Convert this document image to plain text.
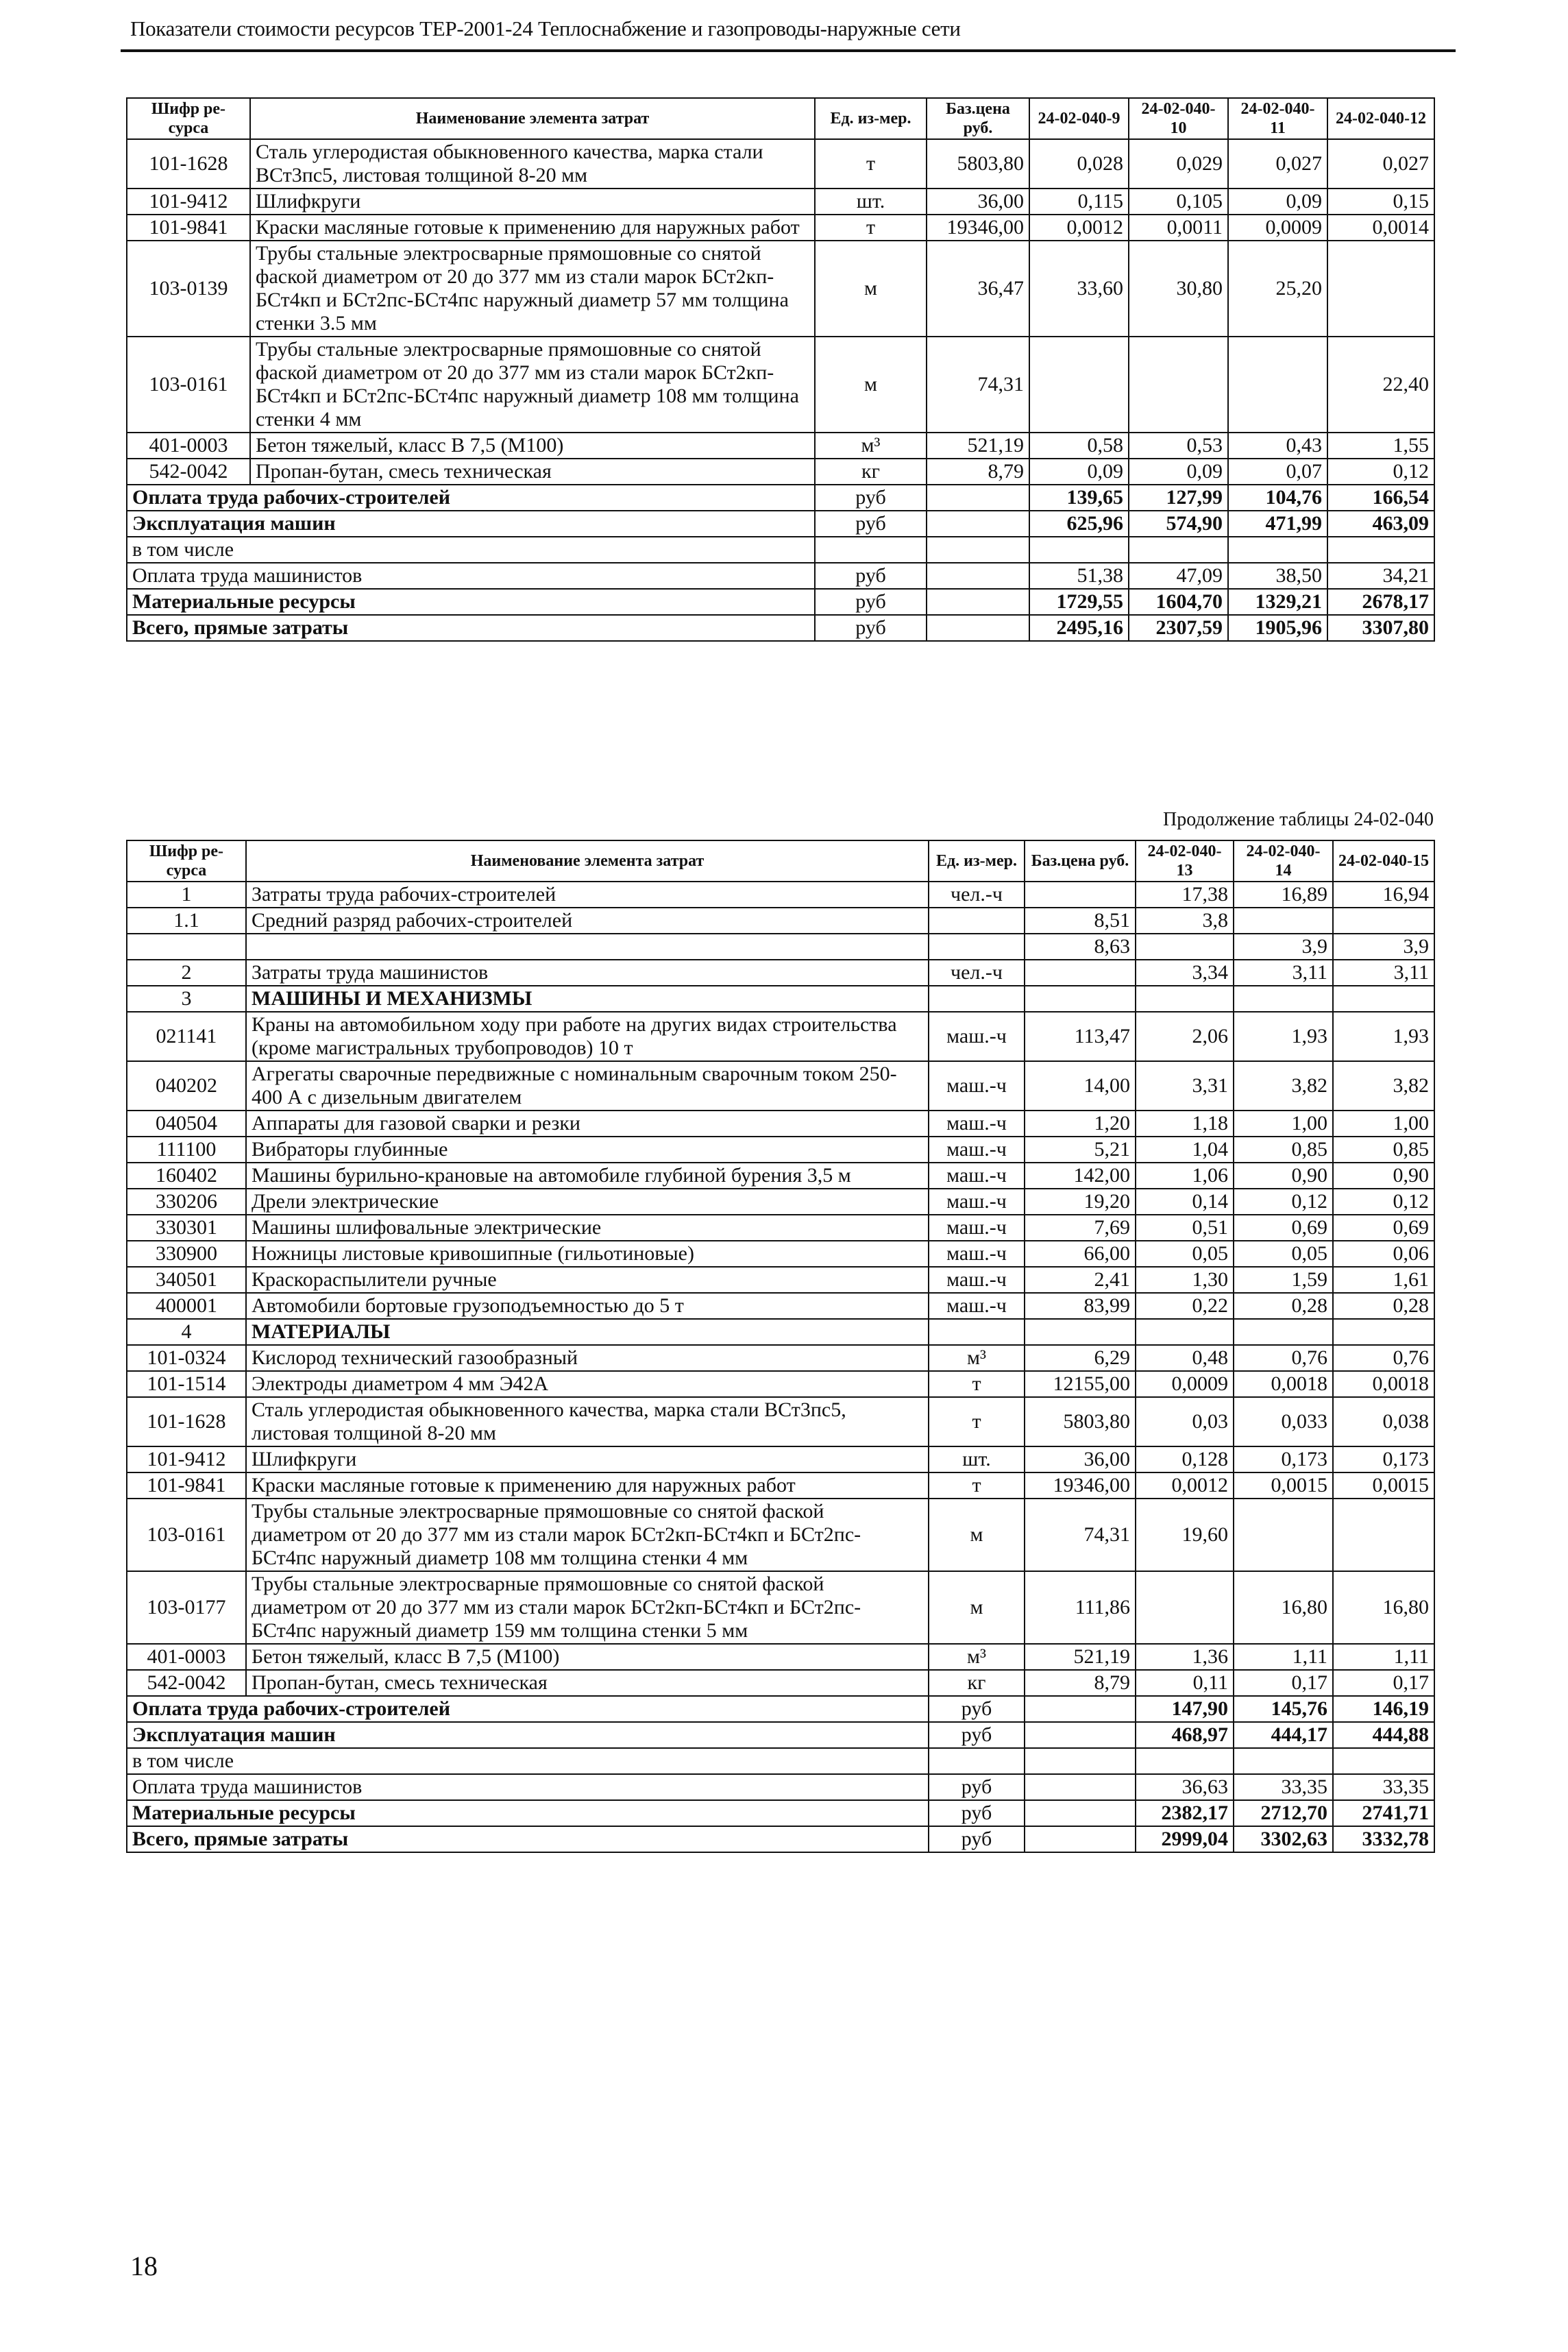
Показатели стоимости ресурсов ТЕР-2001-24 Теплоснабжение и газопроводы-наружные сети
Шифр ре-сурса	Наименование элемента затрат	Ед. из-мер.	Баз.цена руб.	24-02-040-9	24-02-040-10	24-02-040-11	24-02-040-12
101-1628	Сталь углеродистая обыкновенного качества, марка стали ВСт3пс5, листовая толщиной 8-20 мм	т	5803,80	0,028	0,029	0,027	0,027
101-9412	Шлифкруги	шт.	36,00	0,115	0,105	0,09	0,15
101-9841	Краски масляные готовые к применению для наружных работ	т	19346,00	0,0012	0,0011	0,0009	0,0014
103-0139	Трубы стальные электросварные прямошовные со снятой фаской диаметром от 20 до 377 мм из стали марок БСт2кп-БСт4кп и БСт2пс-БСт4пс наружный диаметр 57 мм толщина стенки 3.5 мм	м	36,47	33,60	30,80	25,20	
103-0161	Трубы стальные электросварные прямошовные со снятой фаской диаметром от 20 до 377 мм из стали марок БСт2кп-БСт4кп и БСт2пс-БСт4пс наружный диаметр 108 мм толщина стенки 4 мм	м	74,31				22,40
401-0003	Бетон тяжелый, класс В 7,5 (М100)	м³	521,19	0,58	0,53	0,43	1,55
542-0042	Пропан-бутан, смесь техническая	кг	8,79	0,09	0,09	0,07	0,12
Оплата труда рабочих-строителей		руб		139,65	127,99	104,76	166,54
Эксплуатация машин		руб		625,96	574,90	471,99	463,09
в том числе							
Оплата труда машинистов		руб		51,38	47,09	38,50	34,21
Материальные ресурсы		руб		1729,55	1604,70	1329,21	2678,17
Всего, прямые затраты		руб		2495,16	2307,59	1905,96	3307,80
Продолжение таблицы 24-02-040
Шифр ре-сурса	Наименование элемента затрат	Ед. из-мер.	Баз.цена руб.	24-02-040-13	24-02-040-14	24-02-040-15
1	Затраты труда рабочих-строителей	чел.-ч		17,38	16,89	16,94
1.1	Средний разряд рабочих-строителей		8,51	3,8		
			8,63		3,9	3,9
2	Затраты труда машинистов	чел.-ч		3,34	3,11	3,11
3	МАШИНЫ И МЕХАНИЗМЫ					
021141	Краны на автомобильном ходу при работе на других видах строительства (кроме магистральных трубопроводов) 10 т	маш.-ч	113,47	2,06	1,93	1,93
040202	Агрегаты сварочные передвижные с номинальным сварочным током 250-400 А с дизельным двигателем	маш.-ч	14,00	3,31	3,82	3,82
040504	Аппараты для газовой сварки и резки	маш.-ч	1,20	1,18	1,00	1,00
111100	Вибраторы глубинные	маш.-ч	5,21	1,04	0,85	0,85
160402	Машины бурильно-крановые на автомобиле глубиной бурения 3,5 м	маш.-ч	142,00	1,06	0,90	0,90
330206	Дрели электрические	маш.-ч	19,20	0,14	0,12	0,12
330301	Машины шлифовальные электрические	маш.-ч	7,69	0,51	0,69	0,69
330900	Ножницы листовые кривошипные (гильотиновые)	маш.-ч	66,00	0,05	0,05	0,06
340501	Краскораспылители ручные	маш.-ч	2,41	1,30	1,59	1,61
400001	Автомобили бортовые грузоподъемностью до 5 т	маш.-ч	83,99	0,22	0,28	0,28
4	МАТЕРИАЛЫ					
101-0324	Кислород технический газообразный	м³	6,29	0,48	0,76	0,76
101-1514	Электроды диаметром 4 мм Э42А	т	12155,00	0,0009	0,0018	0,0018
101-1628	Сталь углеродистая обыкновенного качества, марка стали ВСт3пс5, листовая толщиной 8-20 мм	т	5803,80	0,03	0,033	0,038
101-9412	Шлифкруги	шт.	36,00	0,128	0,173	0,173
101-9841	Краски масляные готовые к применению для наружных работ	т	19346,00	0,0012	0,0015	0,0015
103-0161	Трубы стальные электросварные прямошовные со снятой фаской диаметром от 20 до 377 мм из стали марок БСт2кп-БСт4кп и БСт2пс-БСт4пс наружный диаметр 108 мм толщина стенки 4 мм	м	74,31	19,60		
103-0177	Трубы стальные электросварные прямошовные со снятой фаской диаметром от 20 до 377 мм из стали марок БСт2кп-БСт4кп и БСт2пс-БСт4пс наружный диаметр 159 мм толщина стенки 5 мм	м	111,86		16,80	16,80
401-0003	Бетон тяжелый, класс В 7,5 (М100)	м³	521,19	1,36	1,11	1,11
542-0042	Пропан-бутан, смесь техническая	кг	8,79	0,11	0,17	0,17
Оплата труда рабочих-строителей		руб		147,90	145,76	146,19
Эксплуатация машин		руб		468,97	444,17	444,88
в том числе						
Оплата труда машинистов		руб		36,63	33,35	33,35
Материальные ресурсы		руб		2382,17	2712,70	2741,71
Всего, прямые затраты		руб		2999,04	3302,63	3332,78
18
